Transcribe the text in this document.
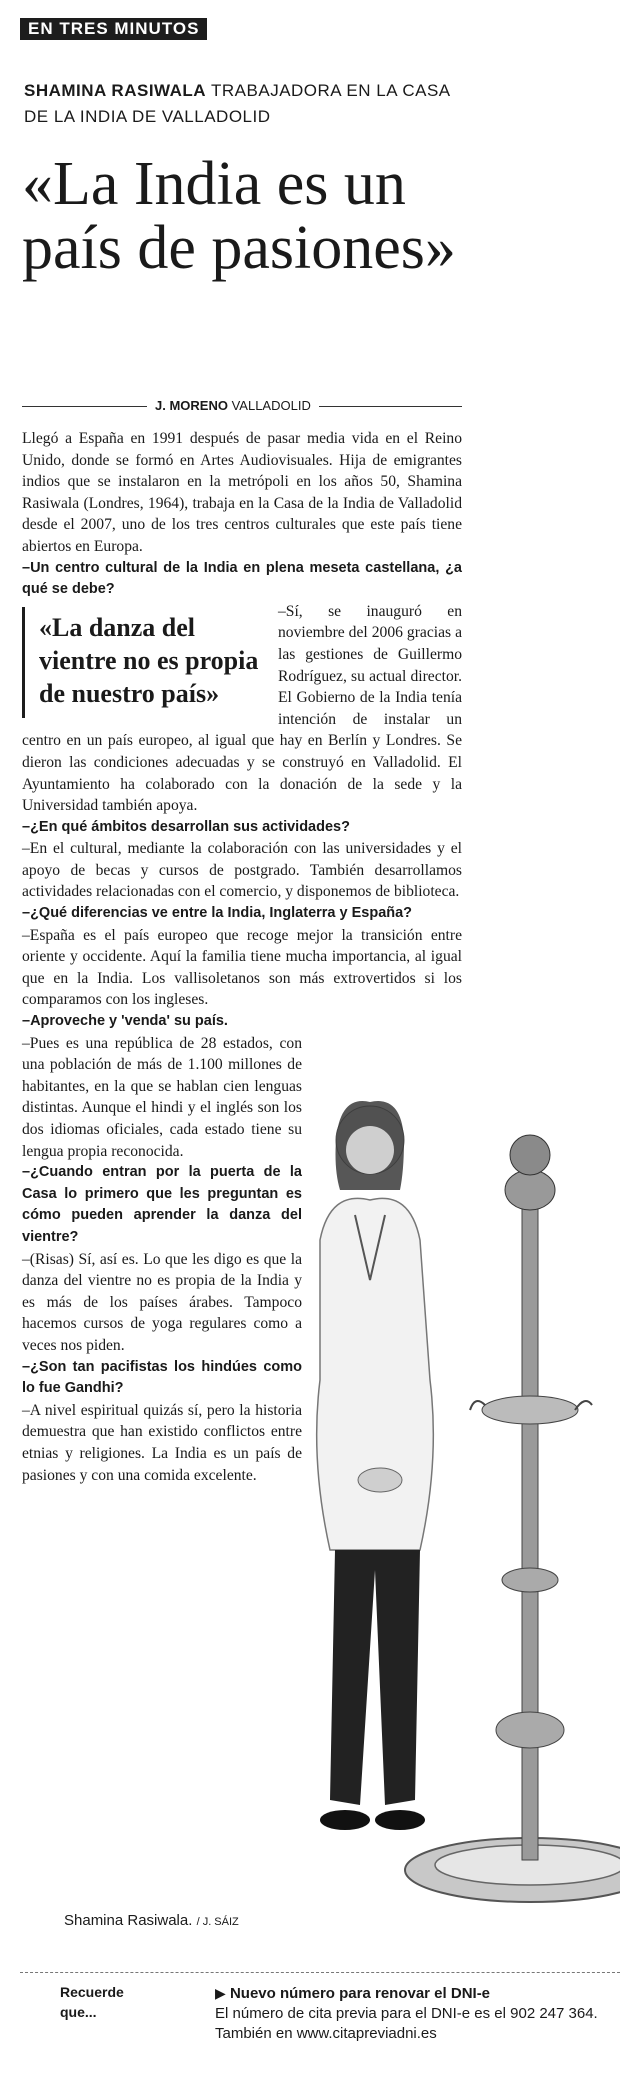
EN TRES MINUTOS
SHAMINA RASIWALA TRABAJADORA EN LA CASA DE LA INDIA DE VALLADOLID
«La India es un país de pasiones»
J. MORENO VALLADOLID

Llegó a España en 1991 después de pasar media vida en el Reino Unido, donde se formó en Artes Audiovisuales. Hija de emigrantes indios que se instalaron en la metrópoli en los años 50, Shamina Rasiwala (Londres, 1964), trabaja en la Casa de la India de Valladolid desde el 2007, uno de los tres centros culturales que este país tiene abiertos en Europa.

–Un centro cultural de la India en plena meseta castellana, ¿a qué se debe?

«La danza del vientre no es propia de nuestro país»

–Sí, se inauguró en noviembre del 2006 gracias a las gestiones de Guillermo Rodríguez, su actual director. El Gobierno de la India tenía intención de instalar un centro en un país europeo, al igual que hay en Berlín y Londres. Se dieron las condiciones adecuadas y se construyó en Valladolid. El Ayuntamiento ha colaborado con la donación de la sede y la Universidad también apoya.

–¿En qué ámbitos desarrollan sus actividades?

–En el cultural, mediante la colaboración con las universidades y el apoyo de becas y cursos de postgrado. También desarrollamos actividades relacionadas con el comercio, y disponemos de biblioteca.

–¿Qué diferencias ve entre la India, Inglaterra y España?

–España es el país europeo que recoge mejor la transición entre oriente y occidente. Aquí la familia tiene mucha importancia, al igual que en la India. Los vallisoletanos son más extrovertidos si los comparamos con los ingleses.

–Aproveche y 'venda' su país.

–Pues es una república de 28 estados, con una población de más de 1.100 millones de habitantes, en la que se hablan cien lenguas distintas. Aunque el hindi y el inglés son los dos idiomas oficiales, cada estado tiene su lengua propia reconocida.

–¿Cuando entran por la puerta de la Casa lo primero que les preguntan es cómo pueden aprender la danza del vientre?

–(Risas) Sí, así es. Lo que les digo es que la danza del vientre no es propia de la India y es más de los países árabes. Tampoco hacemos cursos de yoga regulares como a veces nos piden.

–¿Son tan pacifistas los hindúes como lo fue Gandhi?

–A nivel espiritual quizás sí, pero la historia demuestra que han existido conflictos entre etnias y religiones. La India es un país de pasiones y con una comida excelente.

Shamina Rasiwala. / J. SÁIZ
Recuerde que...
▶ Nuevo número para renovar el DNI-e
El número de cita previa para el DNI-e es el 902 247 364. También en www.citapreviadni.es
